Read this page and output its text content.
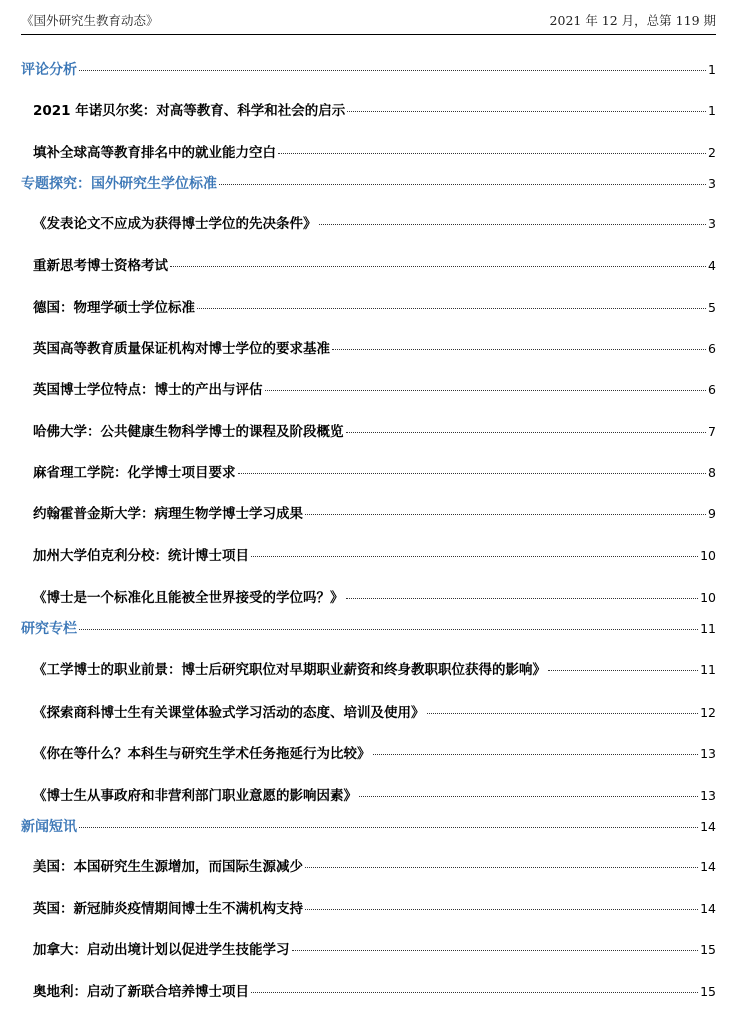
《国外研究生教育动态》	2021 年 12 月，总第 119 期
评论分析	1
2021 年诺贝尔奖：对高等教育、科学和社会的启示	1
填补全球高等教育排名中的就业能力空白	2
专题探究：国外研究生学位标准	3
《发表论文不应成为获得博士学位的先决条件》	3
重新思考博士资格考试	4
德国：物理学硕士学位标准	5
英国高等教育质量保证机构对博士学位的要求基准	6
英国博士学位特点：博士的产出与评估	6
哈佛大学：公共健康生物科学博士的课程及阶段概览	7
麻省理工学院：化学博士项目要求	8
约翰霍普金斯大学：病理生物学博士学习成果	9
加州大学伯克利分校：统计博士项目	10
《博士是一个标准化且能被全世界接受的学位吗？》	10
研究专栏	11
《工学博士的职业前景：博士后研究职位对早期职业薪资和终身教职职位获得的影响》	11
《探索商科博士生有关课堂体验式学习活动的态度、培训及使用》	12
《你在等什么？本科生与研究生学术任务拖延行为比较》	13
《博士生从事政府和非营利部门职业意愿的影响因素》	13
新闻短讯	14
美国：本国研究生生源增加，而国际生源减少	14
英国：新冠肺炎疫情期间博士生不满机构支持	14
加拿大：启动出境计划以促进学生技能学习	15
奥地利：启动了新联合培养博士项目	15
